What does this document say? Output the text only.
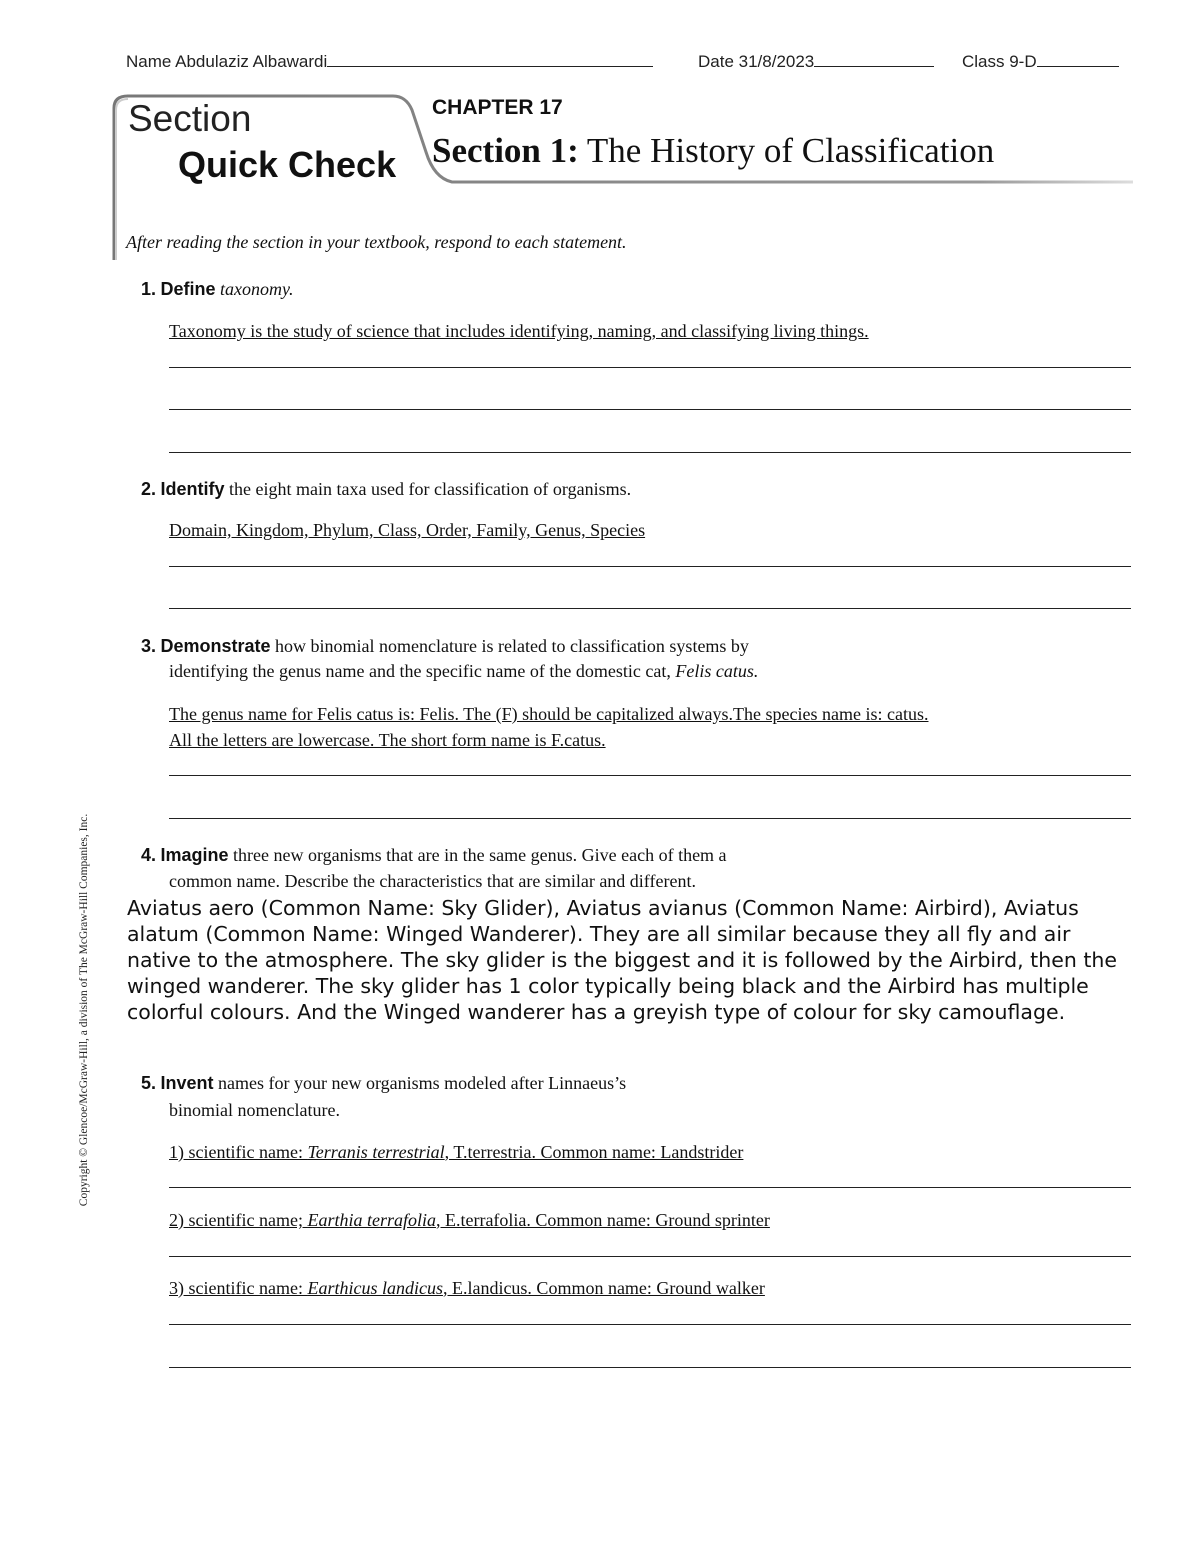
Name Abdulaziz Albawardi	Date 31/8/2023	Class 9-D
Section
Quick Check
CHAPTER 17
Section 1: The History of Classification
After reading the section in your textbook, respond to each statement.
1. Define taxonomy.
Taxonomy is the study of science that includes identifying, naming, and classifying living things.
2. Identify the eight main taxa used for classification of organisms.
Domain, Kingdom, Phylum, Class, Order, Family, Genus, Species
3. Demonstrate how binomial nomenclature is related to classification systems by
identifying the genus name and the specific name of the domestic cat, Felis catus.
The genus name for Felis catus is: Felis. The (F) should be capitalized always.The species name is: catus.
All the letters are lowercase. The short form name is F.catus.
4. Imagine three new organisms that are in the same genus. Give each of them a
common name. Describe the characteristics that are similar and different.
Aviatus aero (Common Name: Sky Glider), Aviatus avianus (Common Name: Airbird), Aviatus alatum (Common Name: Winged Wanderer). They are all similar because they all fly and air native to the atmosphere. The sky glider is the biggest and it is followed by the Airbird, then the winged wanderer. The sky glider has 1 color typically being black and the Airbird has multiple colorful colours. And the Winged wanderer has a greyish type of colour for sky camouflage.
5. Invent names for your new organisms modeled after Linnaeus’s
binomial nomenclature.
1) scientific name: Terranis terrestrial, T.terrestria. Common name: Landstrider
2) scientific name; Earthia terrafolia, E.terrafolia. Common name: Ground sprinter
3) scientific name: Earthicus landicus, E.landicus. Common name: Ground walker
Copyright © Glencoe/McGraw-Hill, a division of The McGraw-Hill Companies, Inc.
